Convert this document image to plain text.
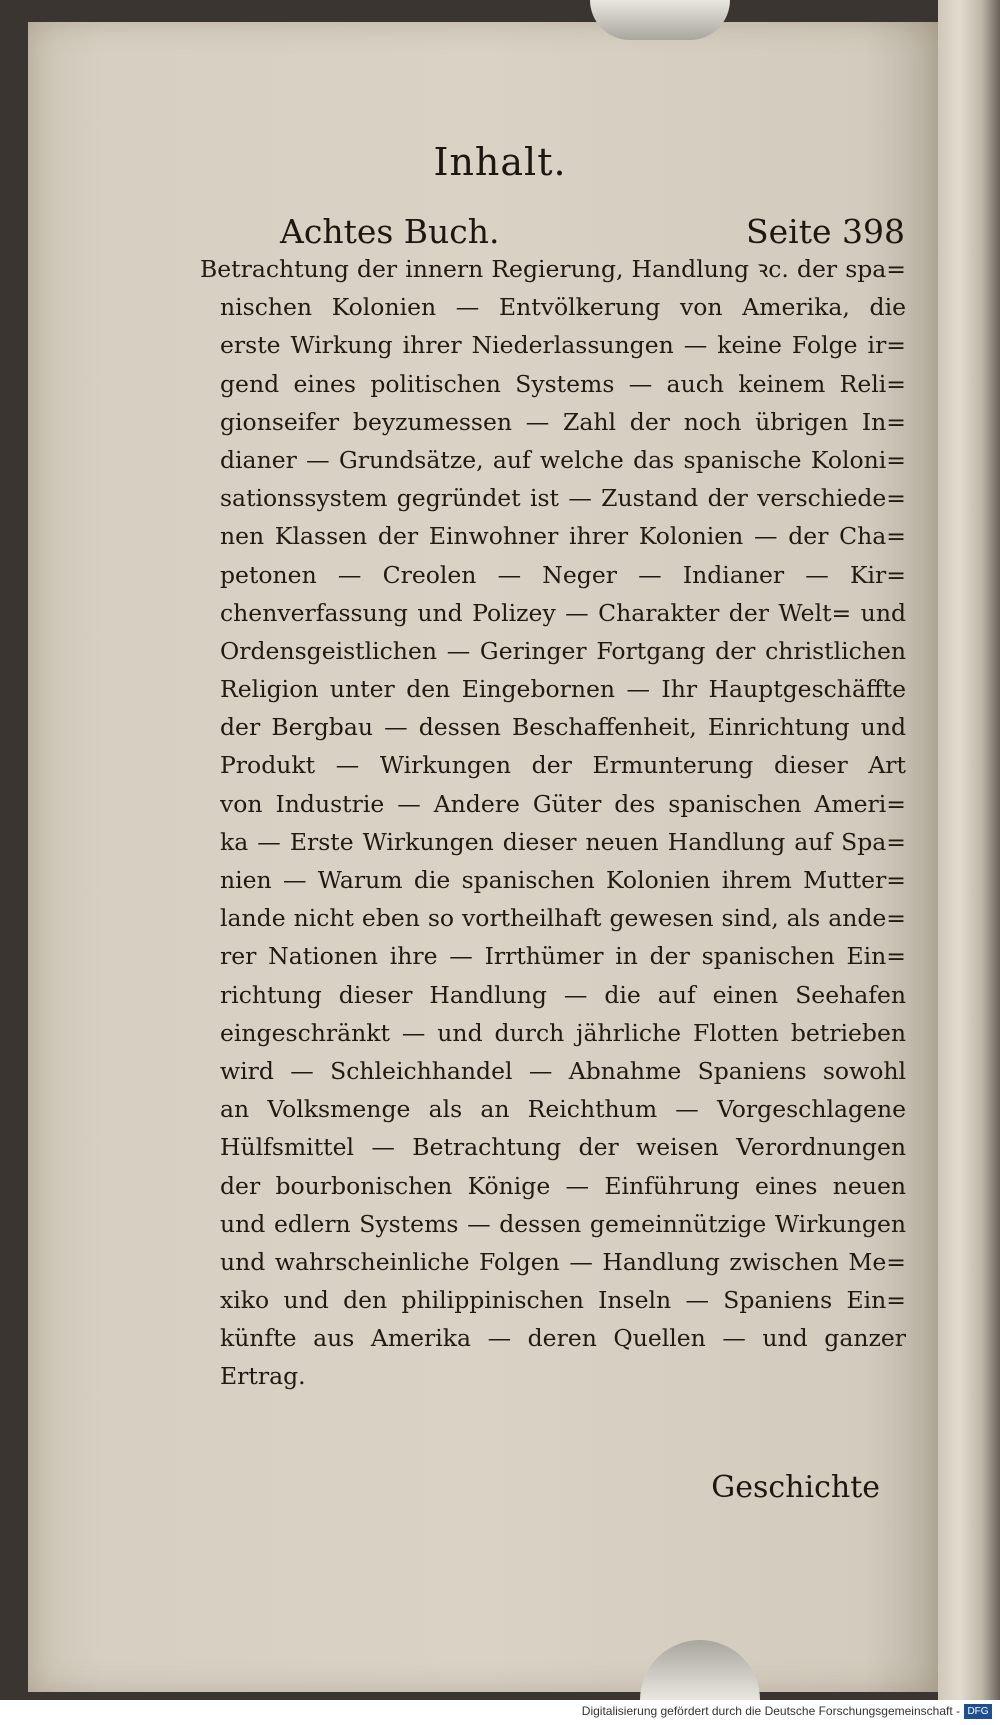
Inhalt.
Achtes Buch.	Seite 398
Betrachtung der innern Regierung, Handlung ꝛc. der spa=
nischen Kolonien — Entvölkerung von Amerika, die
erste Wirkung ihrer Niederlassungen — keine Folge ir=
gend eines politischen Systems — auch keinem Reli=
gionseifer beyzumessen — Zahl der noch übrigen In=
dianer — Grundsätze, auf welche das spanische Koloni=
sationssystem gegründet ist — Zustand der verschiede=
nen Klassen der Einwohner ihrer Kolonien — der Cha=
petonen — Creolen — Neger — Indianer — Kir=
chenverfassung und Polizey — Charakter der Welt= und
Ordensgeistlichen — Geringer Fortgang der christlichen
Religion unter den Eingebornen — Ihr Hauptgeschäffte
der Bergbau — dessen Beschaffenheit, Einrichtung und
Produkt — Wirkungen der Ermunterung dieser Art
von Industrie — Andere Güter des spanischen Ameri=
ka — Erste Wirkungen dieser neuen Handlung auf Spa=
nien — Warum die spanischen Kolonien ihrem Mutter=
lande nicht eben so vortheilhaft gewesen sind, als ande=
rer Nationen ihre — Irrthümer in der spanischen Ein=
richtung dieser Handlung — die auf einen Seehafen
eingeschränkt — und durch jährliche Flotten betrieben
wird — Schleichhandel — Abnahme Spaniens sowohl
an Volksmenge als an Reichthum — Vorgeschlagene
Hülfsmittel — Betrachtung der weisen Verordnungen
der bourbonischen Könige — Einführung eines neuen
und edlern Systems — dessen gemeinnützige Wirkungen
und wahrscheinliche Folgen — Handlung zwischen Me=
xiko und den philippinischen Inseln — Spaniens Ein=
künfte aus Amerika — deren Quellen — und ganzer
Ertrag.
Geschichte
Digitalisierung gefördert durch die Deutsche Forschungsgemeinschaft - DFG
